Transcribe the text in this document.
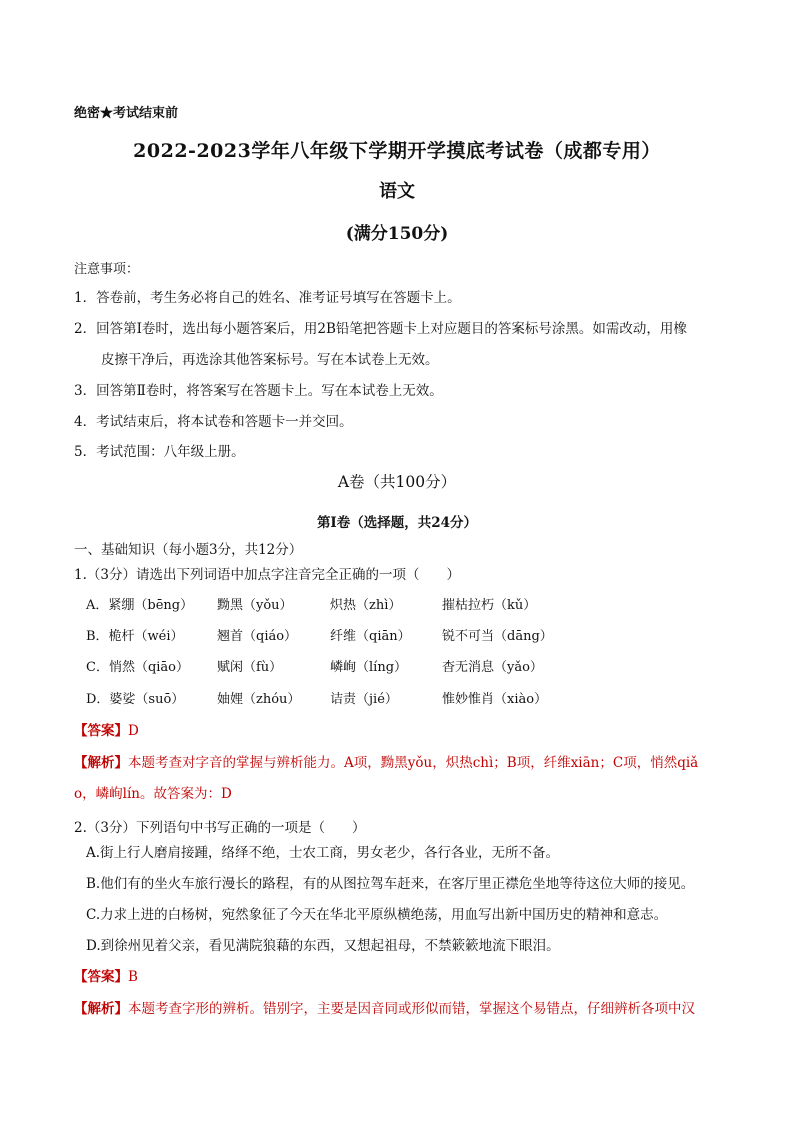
绝密★考试结束前
2022-2023学年八年级下学期开学摸底考试卷（成都专用）
语文
(满分150分)
注意事项：
1．答卷前，考生务必将自己的姓名、准考证号填写在答题卡上。
2．回答第Ⅰ卷时，选出每小题答案后，用2B铅笔把答题卡上对应题目的答案标号涂黑。如需改动，用橡
皮擦干净后，再选涂其他答案标号。写在本试卷上无效。
3．回答第Ⅱ卷时，将答案写在答题卡上。写在本试卷上无效。
4．考试结束后，将本试卷和答题卡一并交回。
5．考试范围：八年级上册。
A卷（共100分）
第Ⅰ卷（选择题，共24分）
一、基础知识（每小题3分，共12分）
1.（3分）请选出下列词语中加点字注音完全正确的一项（　　）
A．紧绷（bēng） 黝黑（yǒu）	炽热（zhì）	摧枯拉朽（kǔ）
B．桅杆（wéi）	翘首（qiáo）	纤维（qiān） 锐不可当（dāng）
C．悄然（qiāo） 赋闲（fù）	嶙峋（líng）	杳无消息（yǎo）
D．婆娑（suō）	妯娌（zhóu） 诘责（jié）	惟妙惟肖（xiào）
【答案】D
【解析】本题考查对字音的掌握与辨析能力。A项，黝黑yǒu，炽热chì；B项，纤维xiān；C项，悄然qiǎ
o，嶙峋lín。故答案为：D
2.（3分）下列语句中书写正确的一项是（　　）
A.街上行人磨肩接踵，络绎不绝，士农工商，男女老少，各行各业，无所不备。
B.他们有的坐火车旅行漫长的路程，有的从图拉驾车赶来，在客厅里正襟危坐地等待这位大师的接见。
C.力求上进的白杨树，宛然象征了今天在华北平原纵横绝荡，用血写出新中国历史的精神和意志。
D.到徐州见着父亲，看见满院狼藉的东西，又想起祖母，不禁簌簌地流下眼泪。
【答案】B
【解析】本题考查字形的辨析。错别字，主要是因音同或形似而错，掌握这个易错点，仔细辨析各项中汉
